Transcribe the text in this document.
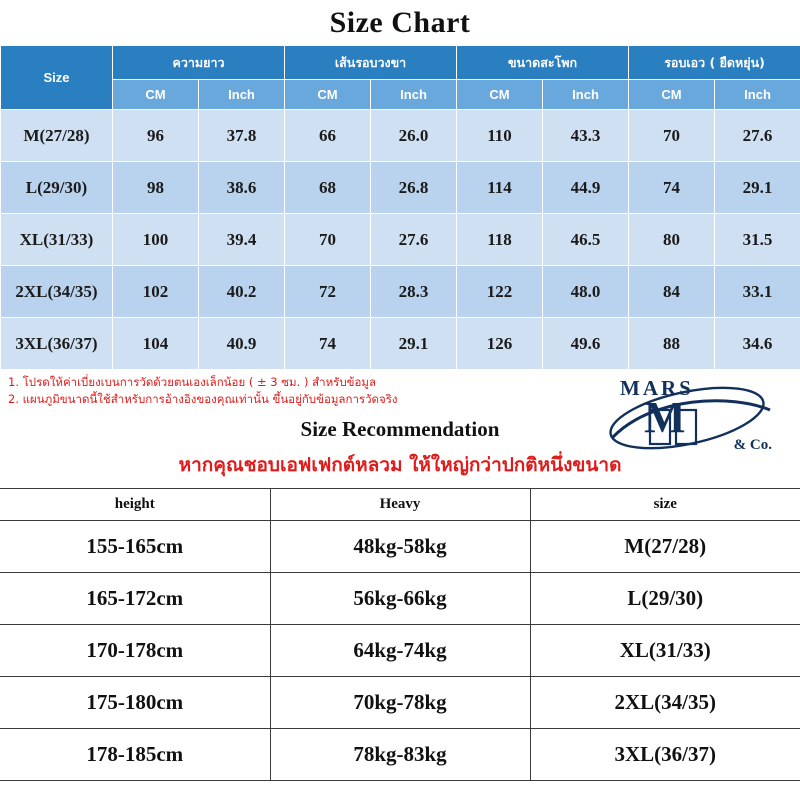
Size Chart
Size	ความยาว		เส้นรอบวงขา		ขนาดสะโพก		รอบเอว ( ยืดหยุ่น)	
	CM	Inch	CM	Inch	CM	Inch	CM	Inch
M(27/28)	96	37.8	66	26.0	110	43.3	70	27.6
L(29/30)	98	38.6	68	26.8	114	44.9	74	29.1
XL(31/33)	100	39.4	70	27.6	118	46.5	80	31.5
2XL(34/35)	102	40.2	72	28.3	122	48.0	84	33.1
3XL(36/37)	104	40.9	74	29.1	126	49.6	88	34.6
1. โปรดให้ค่าเบี่ยงเบนการวัดด้วยตนเองเล็กน้อย ( ± 3 ซม. ) สำหรับข้อมูล
2. แผนภูมิขนาดนี้ใช้สำหรับการอ้างอิงของคุณเท่านั้น ขึ้นอยู่กับข้อมูลการวัดจริง	MARS
M
& Co.
Size Recommendation
หากคุณชอบเอฟเฟกต์หลวม ให้ใหญ่กว่าปกติหนึ่งขนาด
height	Heavy	size
155-165cm	48kg-58kg	M(27/28)
165-172cm	56kg-66kg	L(29/30)
170-178cm	64kg-74kg	XL(31/33)
175-180cm	70kg-78kg	2XL(34/35)
178-185cm	78kg-83kg	3XL(36/37)
